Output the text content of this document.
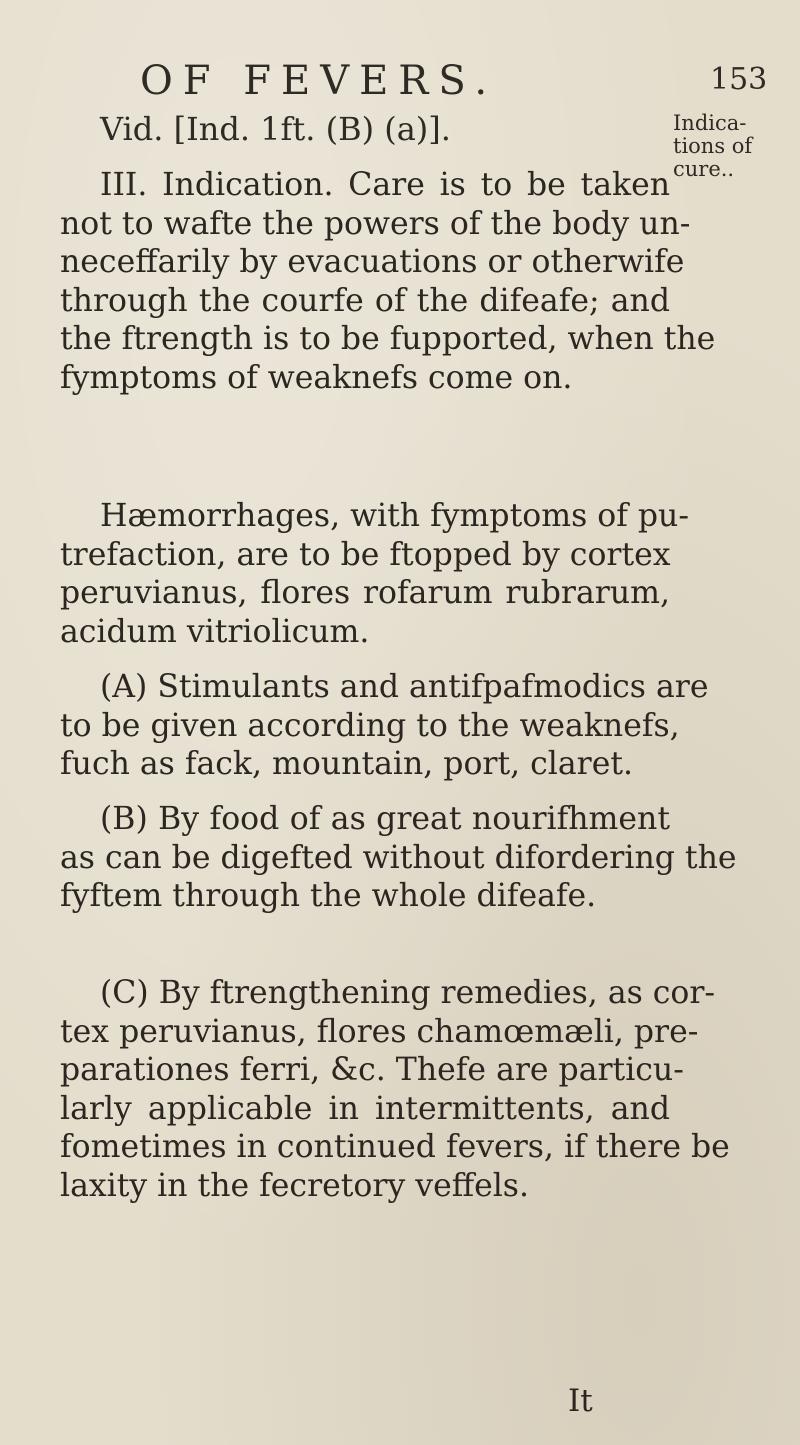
OF FEVERS.	153
Vid. [Ind. 1ft. (B) (a)].	Indica-
tions of
cure..
III. Indication. Care is to be taken
not to wafte the powers of the body un-
neceffarily by evacuations or otherwife
through the courfe of the difeafe; and
the ftrength is to be fupported, when the
fymptoms of weaknefs come on.
Hæmorrhages, with fymptoms of pu-
trefaction, are to be ftopped by cortex
peruvianus, flores rofarum rubrarum,
acidum vitriolicum.
(A) Stimulants and antifpafmodics are
to be given according to the weaknefs,
fuch as fack, mountain, port, claret.
(B) By food of as great nourifhment
as can be digefted without difordering the
fyftem through the whole difeafe.
(C) By ftrengthening remedies, as cor-
tex peruvianus, flores chamœmæli, pre-
parationes ferri, &c. Thefe are particu-
larly applicable in intermittents, and
fometimes in continued fevers, if there be
laxity in the fecretory veffels.
It
